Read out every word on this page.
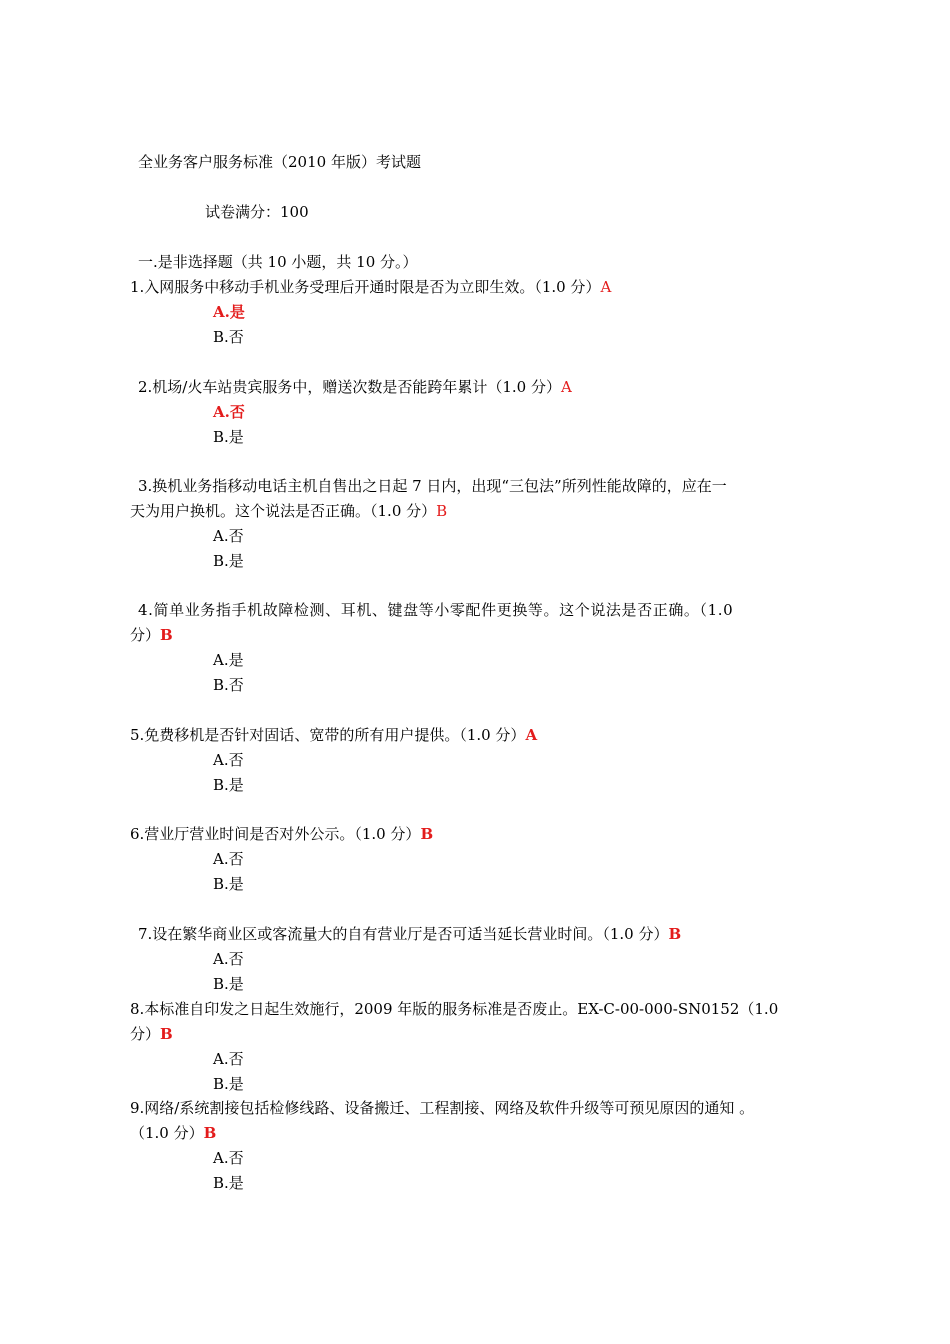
全业务客户服务标准（2010 年版）考试题
试卷满分：100
一.是非选择题（共 10 小题，共 10 分。）
1.入网服务中移动手机业务受理后开通时限是否为立即生效。（1.0 分）A
A.是
B.否
2.机场/火车站贵宾服务中，赠送次数是否能跨年累计（1.0 分）A
A.否
B.是
3.换机业务指移动电话主机自售出之日起 7 日内，出现“三包法”所列性能故障的，应在一
天为用户换机。这个说法是否正确。（1.0 分）B
A.否
B.是
4.简单业务指手机故障检测、耳机、键盘等小零配件更换等。这个说法是否正确。（1.0
分）B
A.是
B.否
5.免费移机是否针对固话、宽带的所有用户提供。（1.0 分）A
A.否
B.是
6.营业厅营业时间是否对外公示。（1.0 分）B
A.否
B.是
7.设在繁华商业区或客流量大的自有营业厅是否可适当延长营业时间。（1.0 分）B
A.否
B.是
8.本标准自印发之日起生效施行，2009 年版的服务标准是否废止。EX-C-00-000-SN0152（1.0
分）B
A.否
B.是
9.网络/系统割接包括检修线路、设备搬迁、工程割接、网络及软件升级等可预见原因的通知 。
（1.0 分）B
A.否
B.是
